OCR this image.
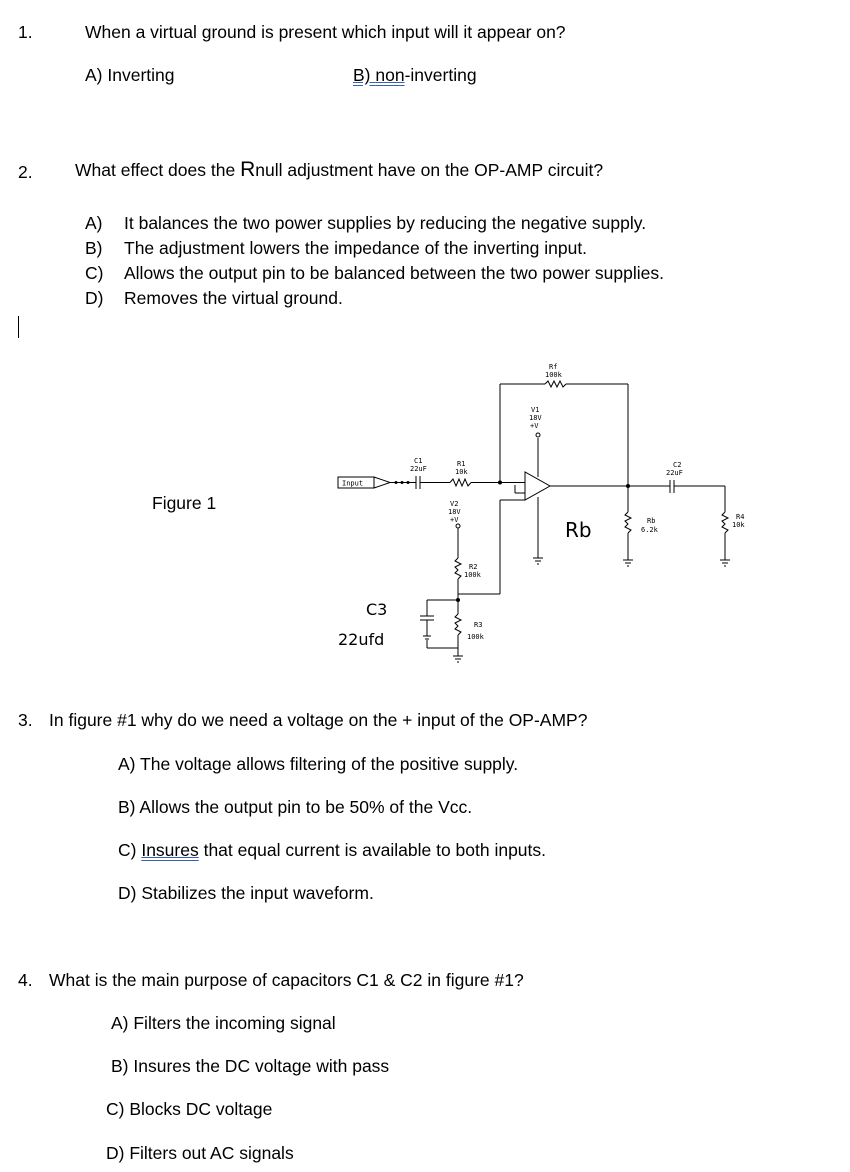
1.	When a virtual ground is present which input will it appear on?
A) Inverting	B) non-inverting
2. What effect does the Rnull adjustment have on the OP-AMP circuit?
A) It balances the two power supplies by reducing the negative supply.
B) The adjustment lowers the impedance of the inverting input.
C) Allows the output pin to be balanced between the two power supplies.
D) Removes the virtual ground.
Figure 1
Rb
C3
22ufd
Input
Rf
100k
V1
18V
+V
C1
22uF
R1
10k
V2
18V
+V
R2
100k
R3
100k
C2
22uF
Rb
6.2k
R4
10k
3. In figure #1 why do we need a voltage on the + input of the OP-AMP?
A) The voltage allows filtering of the positive supply.
B) Allows the output pin to be 50% of the Vcc.
C) Insures that equal current is available to both inputs.
D) Stabilizes the input waveform.
4. What is the main purpose of capacitors C1 & C2 in figure #1?
A) Filters the incoming signal
B) Insures the DC voltage with pass
C) Blocks DC voltage
D) Filters out AC signals
